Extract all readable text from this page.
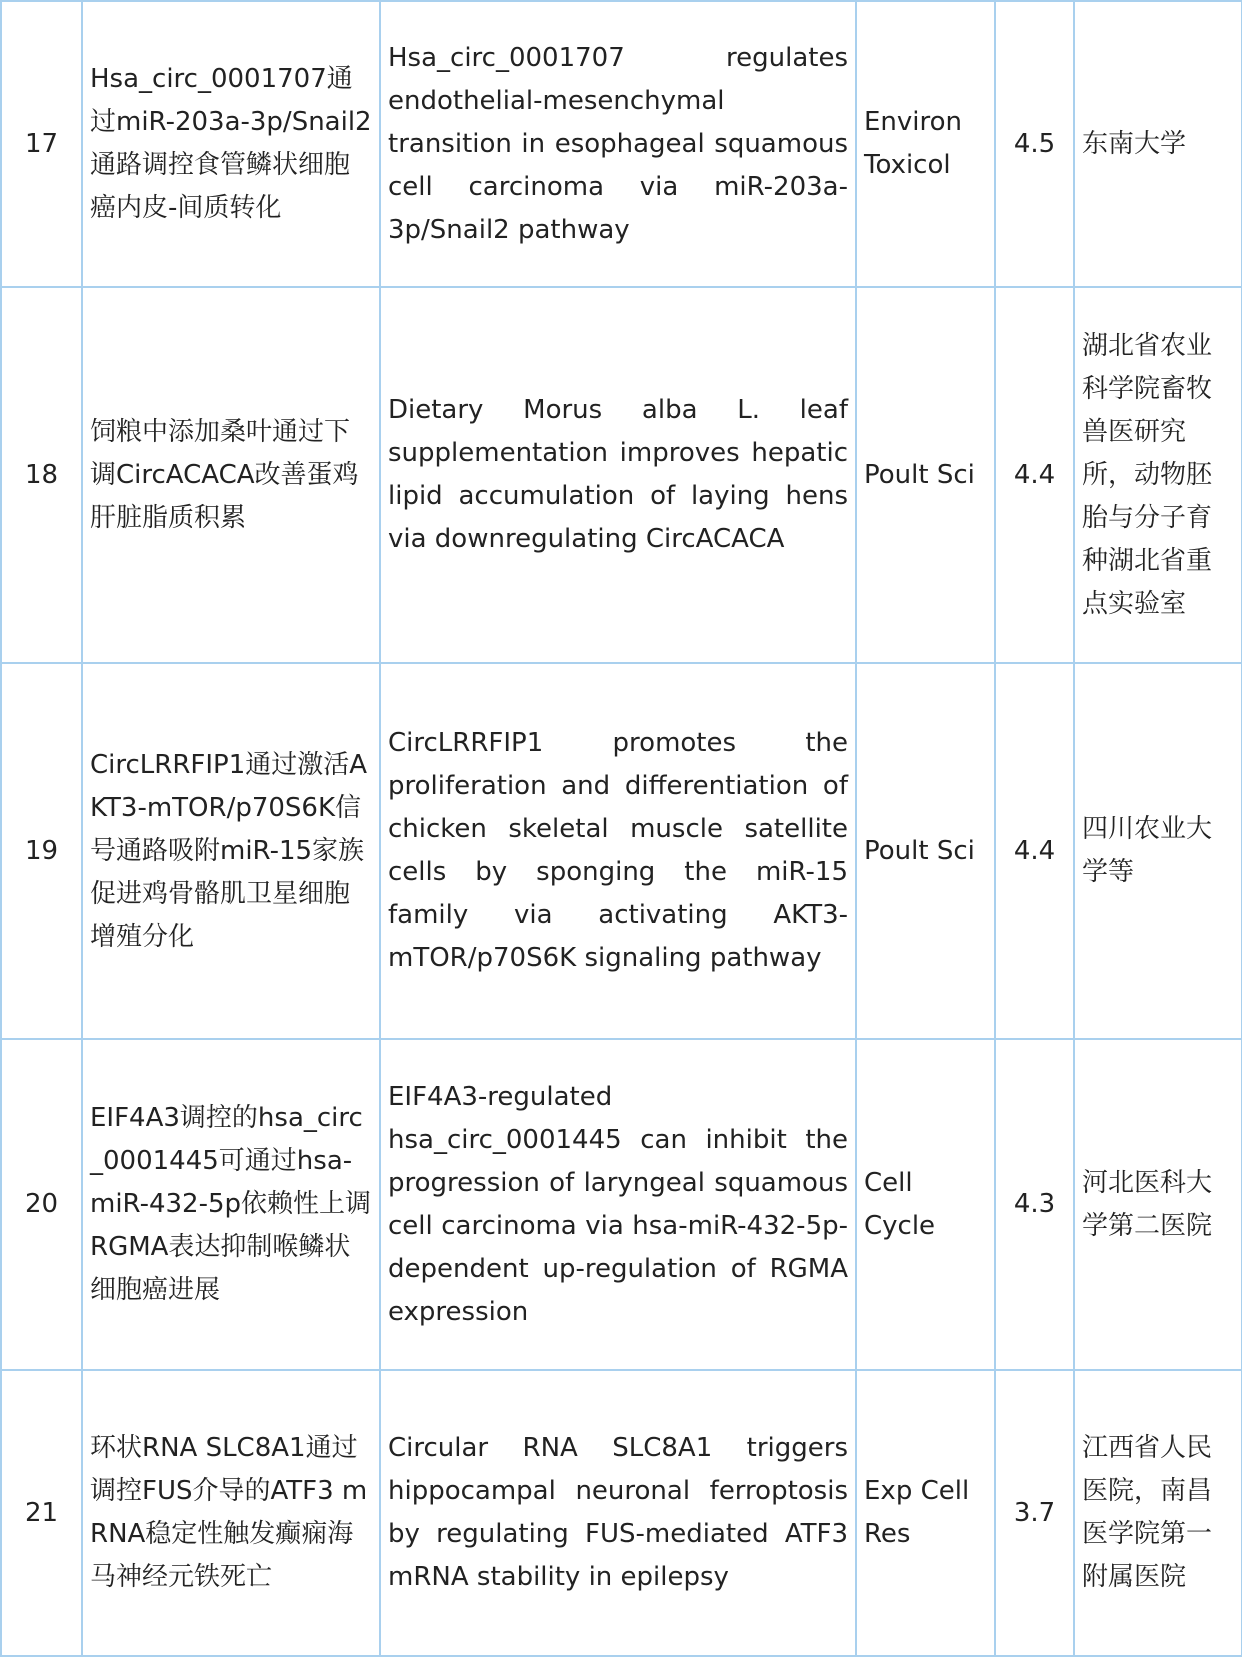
17	Hsa_circ_0001707通过miR-203a-3p/Snail2通路调控食管鳞状细胞癌内皮-间质转化	Hsa_circ_0001707 regulates endothelial-mesenchymal transition in esophageal squamous cell carcinoma via miR-203a-3p/Snail2 pathway	Environ Toxicol	4.5	东南大学
18	饲粮中添加桑叶通过下调CircACACA改善蛋鸡肝脏脂质积累	Dietary Morus alba L. leaf supplementation improves hepatic lipid accumulation of laying hens via downregulating CircACACA	Poult Sci	4.4	湖北省农业科学院畜牧兽医研究所，动物胚胎与分子育种湖北省重点实验室
19	CircLRRFIP1通过激活AKT3-mTOR/p70S6K信号通路吸附miR-15家族促进鸡骨骼肌卫星细胞增殖分化	CircLRRFIP1 promotes the proliferation and differentiation of chicken skeletal muscle satellite cells by sponging the miR-15 family via activating AKT3-mTOR/p70S6K signaling pathway	Poult Sci	4.4	四川农业大学等
20	EIF4A3调控的hsa_circ_0001445可通过hsa-miR-432-5p依赖性上调RGMA表达抑制喉鳞状细胞癌进展	EIF4A3-regulated hsa_circ_0001445 can inhibit the progression of laryngeal squamous cell carcinoma via hsa-miR-432-5p-dependent up-regulation of RGMA expression	Cell Cycle	4.3	河北医科大学第二医院
21	环状RNA SLC8A1通过调控FUS介导的ATF3 mRNA稳定性触发癫痫海马神经元铁死亡	Circular RNA SLC8A1 triggers hippocampal neuronal ferroptosis by regulating FUS-mediated ATF3 mRNA stability in epilepsy	Exp Cell Res	3.7	江西省人民医院，南昌医学院第一附属医院
